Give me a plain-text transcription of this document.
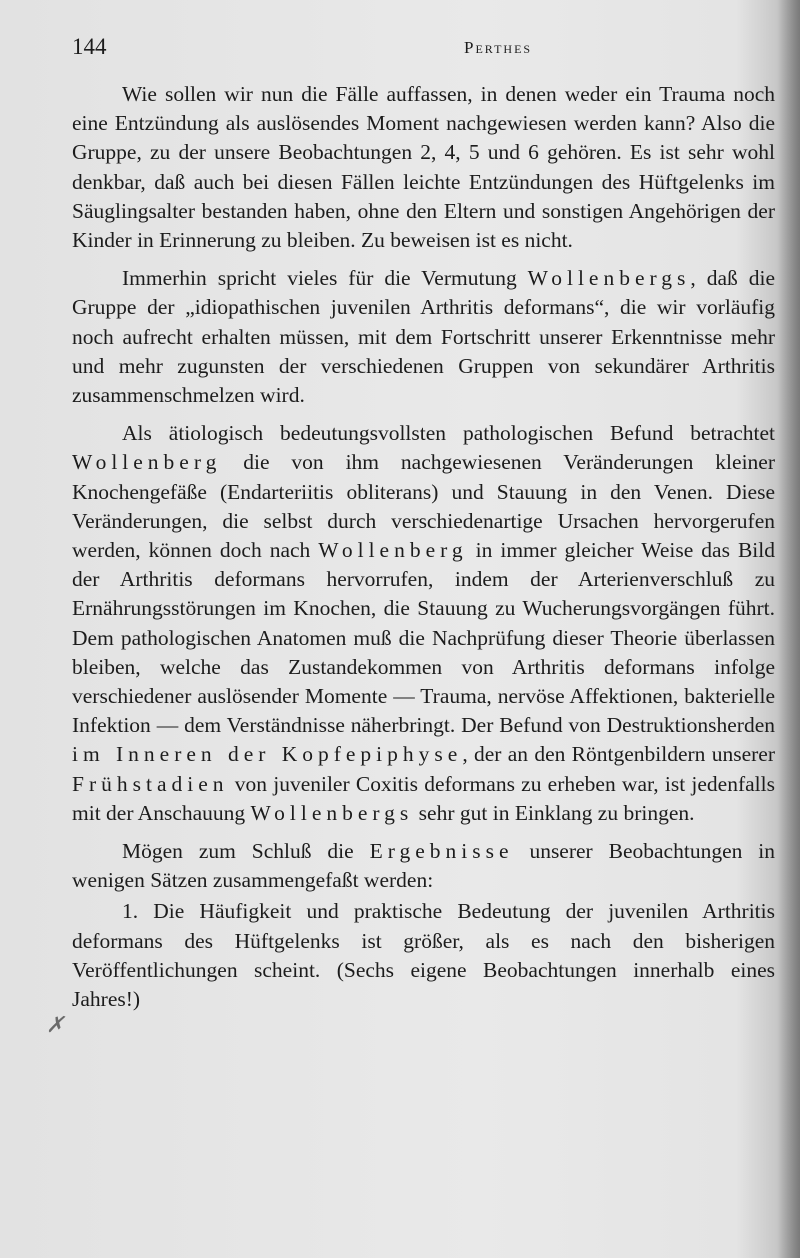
144	Perthes

Wie sollen wir nun die Fälle auffassen, in denen weder ein Trauma noch eine Entzündung als auslösendes Moment nachgewiesen werden kann? Also die Gruppe, zu der unsere Beobachtungen 2, 4, 5 und 6 gehören. Es ist sehr wohl denkbar, daß auch bei diesen Fällen leichte Entzündungen des Hüftgelenks im Säuglingsalter bestanden haben, ohne den Eltern und sonstigen Angehörigen der Kinder in Erinnerung zu bleiben. Zu beweisen ist es nicht.

Immerhin spricht vieles für die Vermutung Wollenbergs, daß die Gruppe der „idiopathischen juvenilen Arthritis deformans“, die wir vorläufig noch aufrecht erhalten müssen, mit dem Fortschritt unserer Erkenntnisse mehr und mehr zugunsten der verschiedenen Gruppen von sekundärer Arthritis zusammenschmelzen wird.

Als ätiologisch bedeutungsvollsten pathologischen Befund betrachtet Wollenberg die von ihm nachgewiesenen Veränderungen kleiner Knochengefäße (Endarteriitis obliterans) und Stauung in den Venen. Diese Veränderungen, die selbst durch verschiedenartige Ursachen hervorgerufen werden, können doch nach Wollenberg in immer gleicher Weise das Bild der Arthritis deformans hervorrufen, indem der Arterienverschluß zu Ernährungsstörungen im Knochen, die Stauung zu Wucherungsvorgängen führt. Dem pathologischen Anatomen muß die Nachprüfung dieser Theorie überlassen bleiben, welche das Zustandekommen von Arthritis deformans infolge verschiedener auslösender Momente — Trauma, nervöse Affektionen, bakterielle Infektion — dem Verständnisse näherbringt. Der Befund von Destruktionsherden im Inneren der Kopfepiphyse, der an den Röntgenbildern unserer Frühstadien von juveniler Coxitis deformans zu erheben war, ist jedenfalls mit der Anschauung Wollenbergs sehr gut in Einklang zu bringen.

Mögen zum Schluß die Ergebnisse unserer Beobachtungen in wenigen Sätzen zusammengefaßt werden:

1. Die Häufigkeit und praktische Bedeutung der juvenilen Arthritis deformans des Hüftgelenks ist größer, als es nach den bisherigen Veröffentlichungen scheint. (Sechs eigene Beobachtungen innerhalb eines Jahres!)

✗
